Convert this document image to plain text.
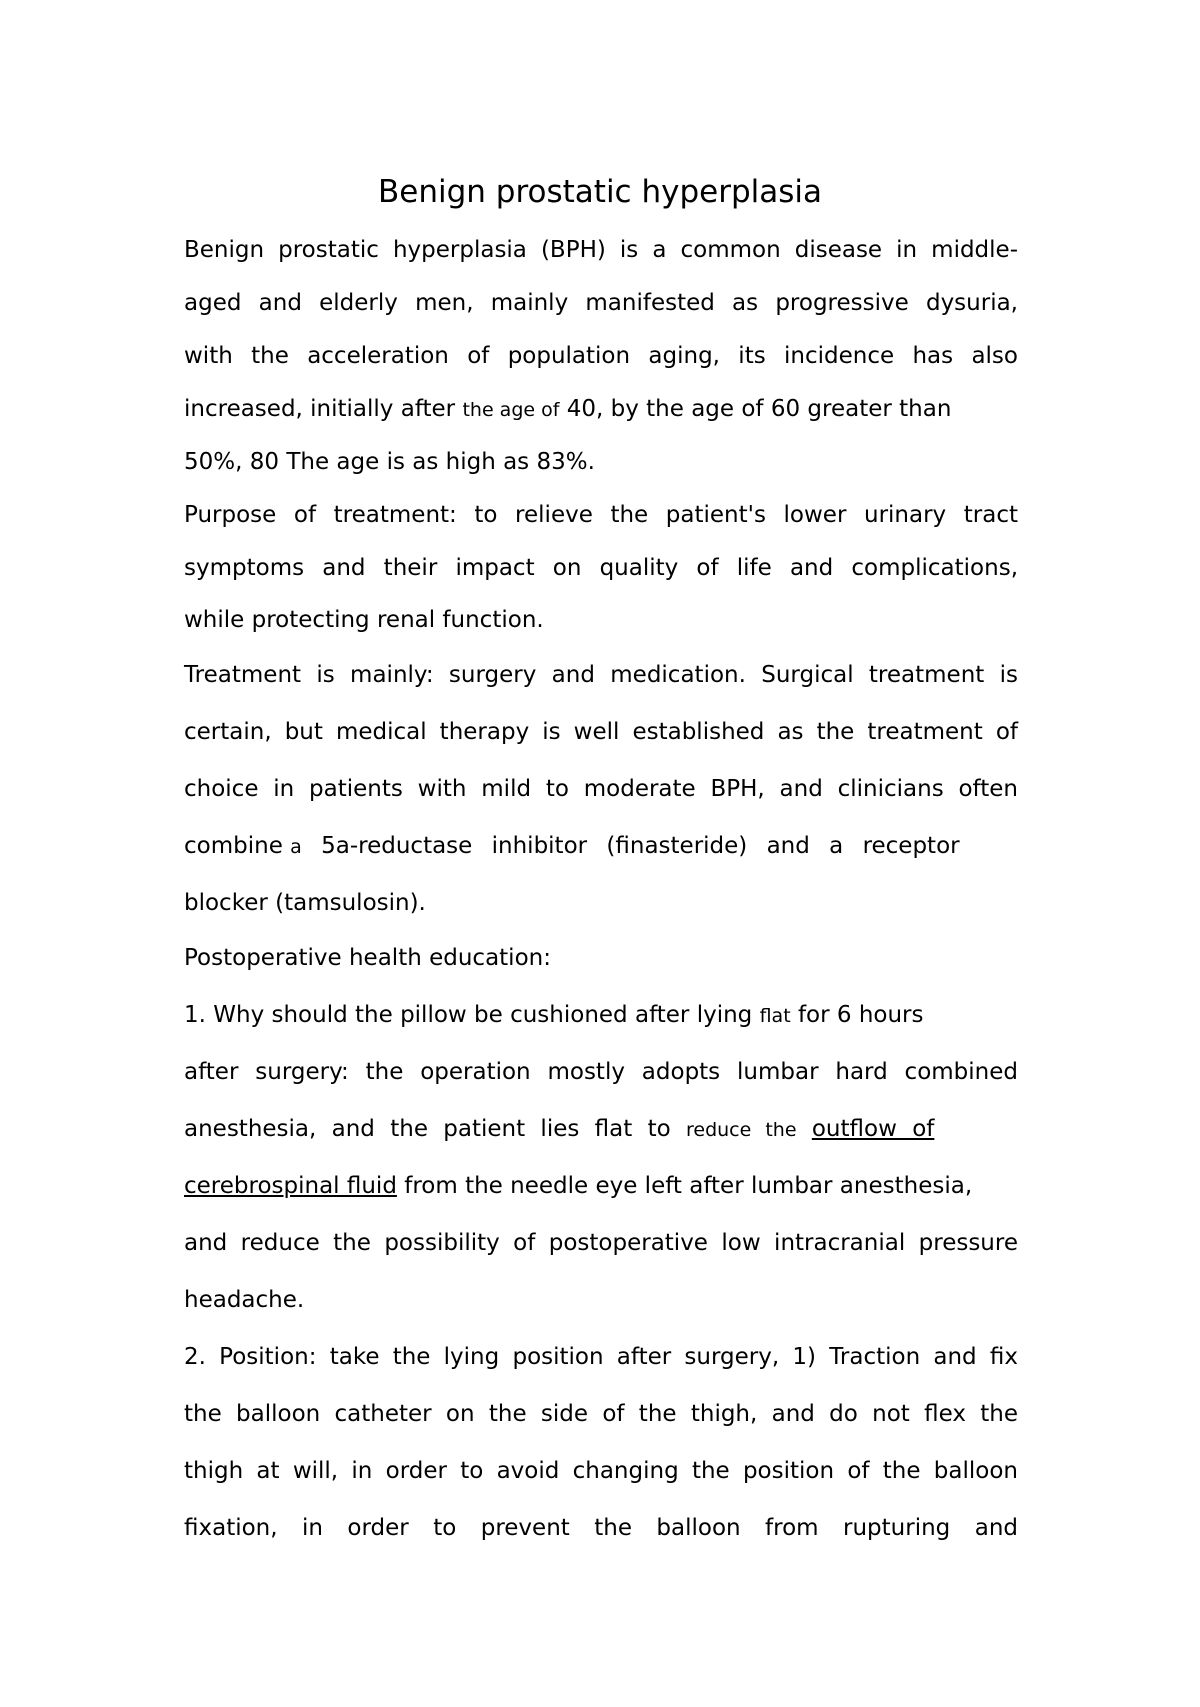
Benign prostatic hyperplasia
Benign prostatic hyperplasia (BPH) is a common disease in middle-
aged and elderly men, mainly manifested as progressive dysuria,
with the acceleration of population aging, its incidence has also
increased, initially after the age of 40, by the age of 60 greater than
50%, 80 The age is as high as 83%.
Purpose of treatment: to relieve the patient's lower urinary tract
symptoms and their impact on quality of life and complications,
while protecting renal function.
Treatment is mainly: surgery and medication. Surgical treatment is
certain, but medical therapy is well established as the treatment of
choice in patients with mild to moderate BPH, and clinicians often
combine a 5a-reductase inhibitor (finasteride) and a receptor
blocker (tamsulosin).
Postoperative health education:
1. Why should the pillow be cushioned after lying flat for 6 hours
after surgery: the operation mostly adopts lumbar hard combined
anesthesia, and the patient lies flat to reduce the outflow of
cerebrospinal fluid from the needle eye left after lumbar anesthesia,
and reduce the possibility of postoperative low intracranial pressure
headache.
2. Position: take the lying position after surgery, 1) Traction and fix
the balloon catheter on the side of the thigh, and do not flex the
thigh at will, in order to avoid changing the position of the balloon
fixation, in order to prevent the balloon from rupturing and
